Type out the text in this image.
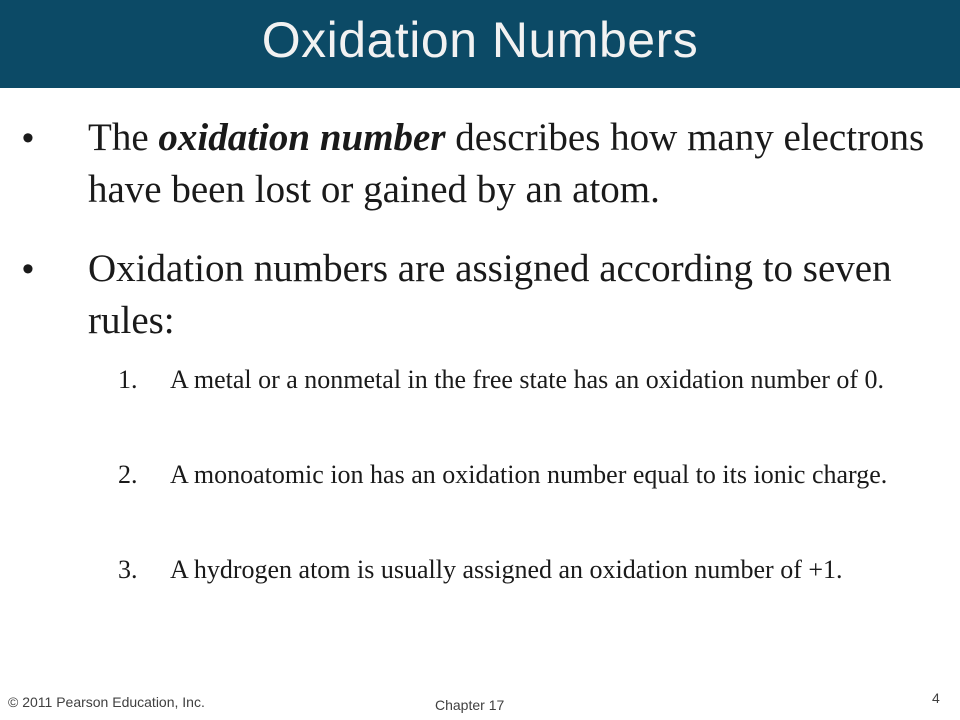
Oxidation Numbers
• The oxidation number describes how many electrons have been lost or gained by an atom.
• Oxidation numbers are assigned according to seven rules:
1. A metal or a nonmetal in the free state has an oxidation number of 0.
2. A monoatomic ion has an oxidation number equal to its ionic charge.
3. A hydrogen atom is usually assigned an oxidation number of +1.
© 2011 Pearson Education, Inc.	Chapter 17	4
